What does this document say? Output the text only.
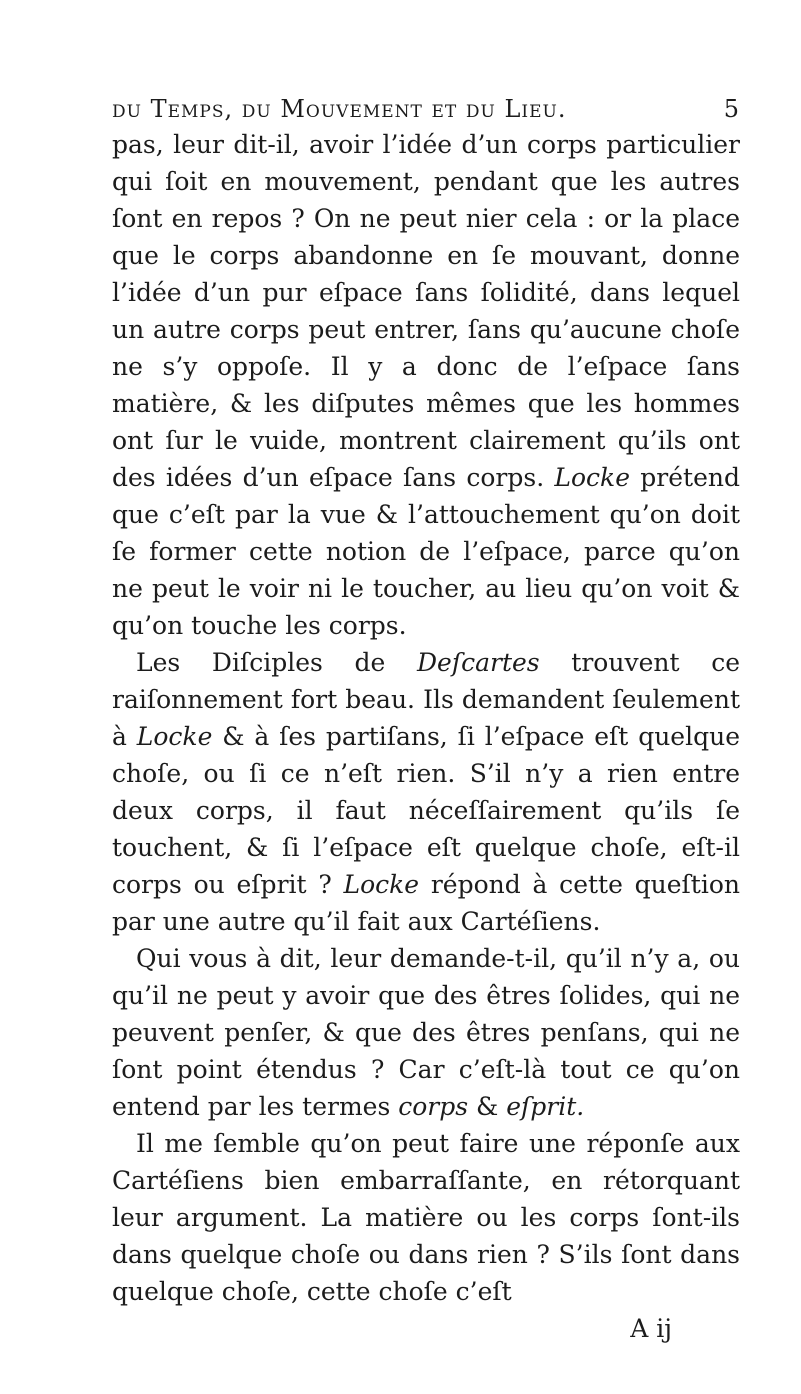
du Temps, du Mouvement et du Lieu.	5

pas, leur dit-il, avoir l’idée d’un corps particulier qui ſoit en mouvement, pendant que les autres ſont en repos ? On ne peut nier cela : or la place que le corps abandonne en ſe mouvant, donne l’idée d’un pur eſpace ſans ſolidité, dans lequel un autre corps peut entrer, ſans qu’aucune choſe ne s’y oppoſe. Il y a donc de l’eſpace ſans matière, & les diſputes mêmes que les hommes ont ſur le vuide, montrent clairement qu’ils ont des idées d’un eſpace ſans corps. Locke prétend que c’eſt par la vue & l’attouchement qu’on doit ſe former cette notion de l’eſpace, parce qu’on ne peut le voir ni le toucher, au lieu qu’on voit & qu’on touche les corps.

Les Diſciples de Deſcartes trouvent ce raiſonnement fort beau. Ils demandent ſeulement à Locke & à ſes partiſans, ſi l’eſpace eſt quelque choſe, ou ſi ce n’eſt rien. S’il n’y a rien entre deux corps, il faut néceſſairement qu’ils ſe touchent, & ſi l’eſpace eſt quelque choſe, eſt-il corps ou eſprit ? Locke répond à cette queſtion par une autre qu’il fait aux Cartéſiens.

Qui vous à dit, leur demande-t-il, qu’il n’y a, ou qu’il ne peut y avoir que des êtres ſolides, qui ne peuvent penſer, & que des êtres penſans, qui ne ſont point étendus ? Car c’eſt-là tout ce qu’on entend par les termes corps & eſprit.

Il me ſemble qu’on peut faire une réponſe aux Cartéſiens bien embarraſſante, en rétorquant leur argument. La matière ou les corps ſont-ils dans quelque choſe ou dans rien ? S’ils ſont dans quelque choſe, cette choſe c’eſt

A ij
